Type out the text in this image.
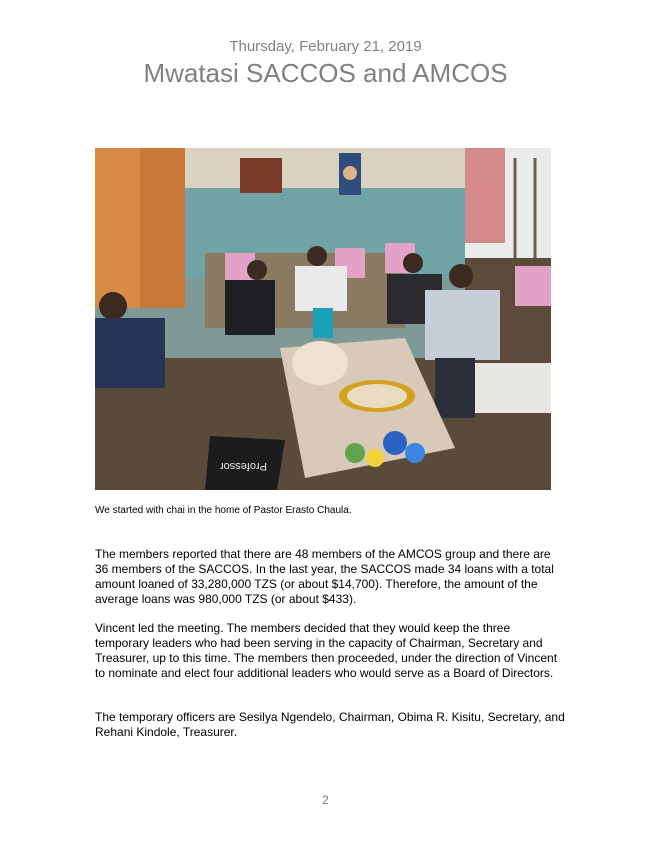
Thursday, February 21, 2019
Mwatasi SACCOS and AMCOS
Professor
We started with chai in the home of Pastor Erasto Chaula.

The members reported that there are 48 members of the AMCOS group and there are 36 members of the SACCOS. In the last year, the SACCOS made 34 loans with a total amount loaned of 33,280,000 TZS (or about $14,700). Therefore, the amount of the average loans was 980,000 TZS (or about $433).

Vincent led the meeting. The members decided that they would keep the three temporary leaders who had been serving in the capacity of Chairman, Secretary and Treasurer, up to this time. The members then proceeded, under the direction of Vincent to nominate and elect four additional leaders who would serve as a Board of Directors.

The temporary officers are Sesilya Ngendelo, Chairman, Obima R. Kisitu, Secretary, and Rehani Kindole, Treasurer.

2
